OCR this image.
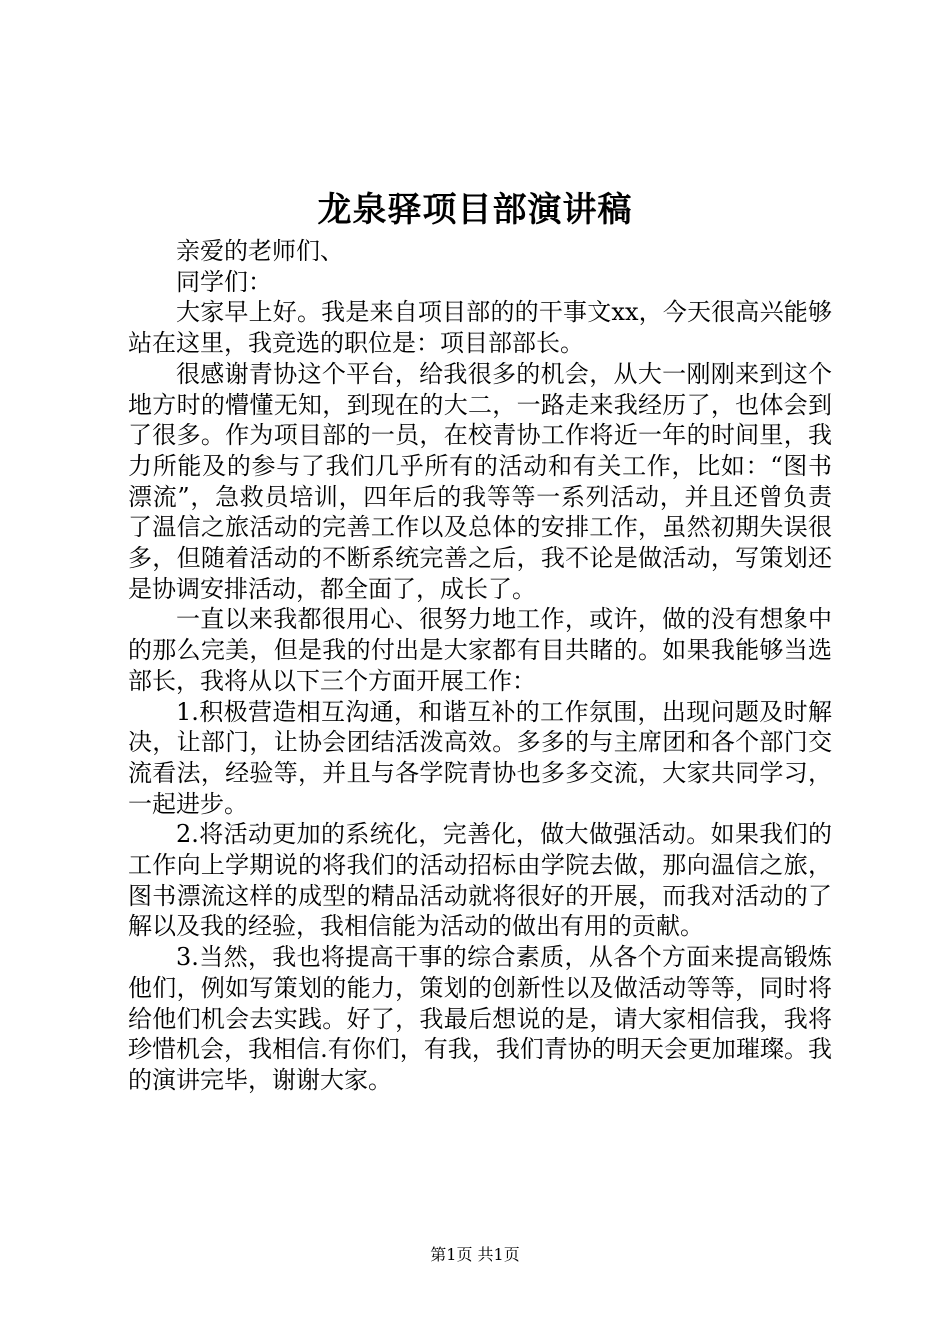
龙泉驿项目部演讲稿

亲爱的老师们、

同学们：

大家早上好。我是来自项目部的的干事文xx，今天很高兴能够站在这里，我竞选的职位是：项目部部长。

很感谢青协这个平台，给我很多的机会，从大一刚刚来到这个地方时的懵懂无知，到现在的大二，一路走来我经历了，也体会到了很多。作为项目部的一员，在校青协工作将近一年的时间里，我力所能及的参与了我们几乎所有的活动和有关工作，比如：“图书漂流”，急救员培训，四年后的我等等一系列活动，并且还曾负责了温信之旅活动的完善工作以及总体的安排工作，虽然初期失误很多，但随着活动的不断系统完善之后，我不论是做活动，写策划还是协调安排活动，都全面了，成长了。

一直以来我都很用心、很努力地工作，或许，做的没有想象中的那么完美，但是我的付出是大家都有目共睹的。如果我能够当选部长，我将从以下三个方面开展工作：

1.积极营造相互沟通，和谐互补的工作氛围，出现问题及时解决，让部门，让协会团结活泼高效。多多的与主席团和各个部门交流看法，经验等，并且与各学院青协也多多交流，大家共同学习，一起进步。

2.将活动更加的系统化，完善化，做大做强活动。如果我们的工作向上学期说的将我们的活动招标由学院去做，那向温信之旅，图书漂流这样的成型的精品活动就将很好的开展，而我对活动的了解以及我的经验，我相信能为活动的做出有用的贡献。

3.当然，我也将提高干事的综合素质，从各个方面来提高锻炼他们，例如写策划的能力，策划的创新性以及做活动等等，同时将给他们机会去实践。好了，我最后想说的是，请大家相信我，我将珍惜机会，我相信.有你们，有我，我们青协的明天会更加璀璨。我的演讲完毕，谢谢大家。

第1页 共1页
